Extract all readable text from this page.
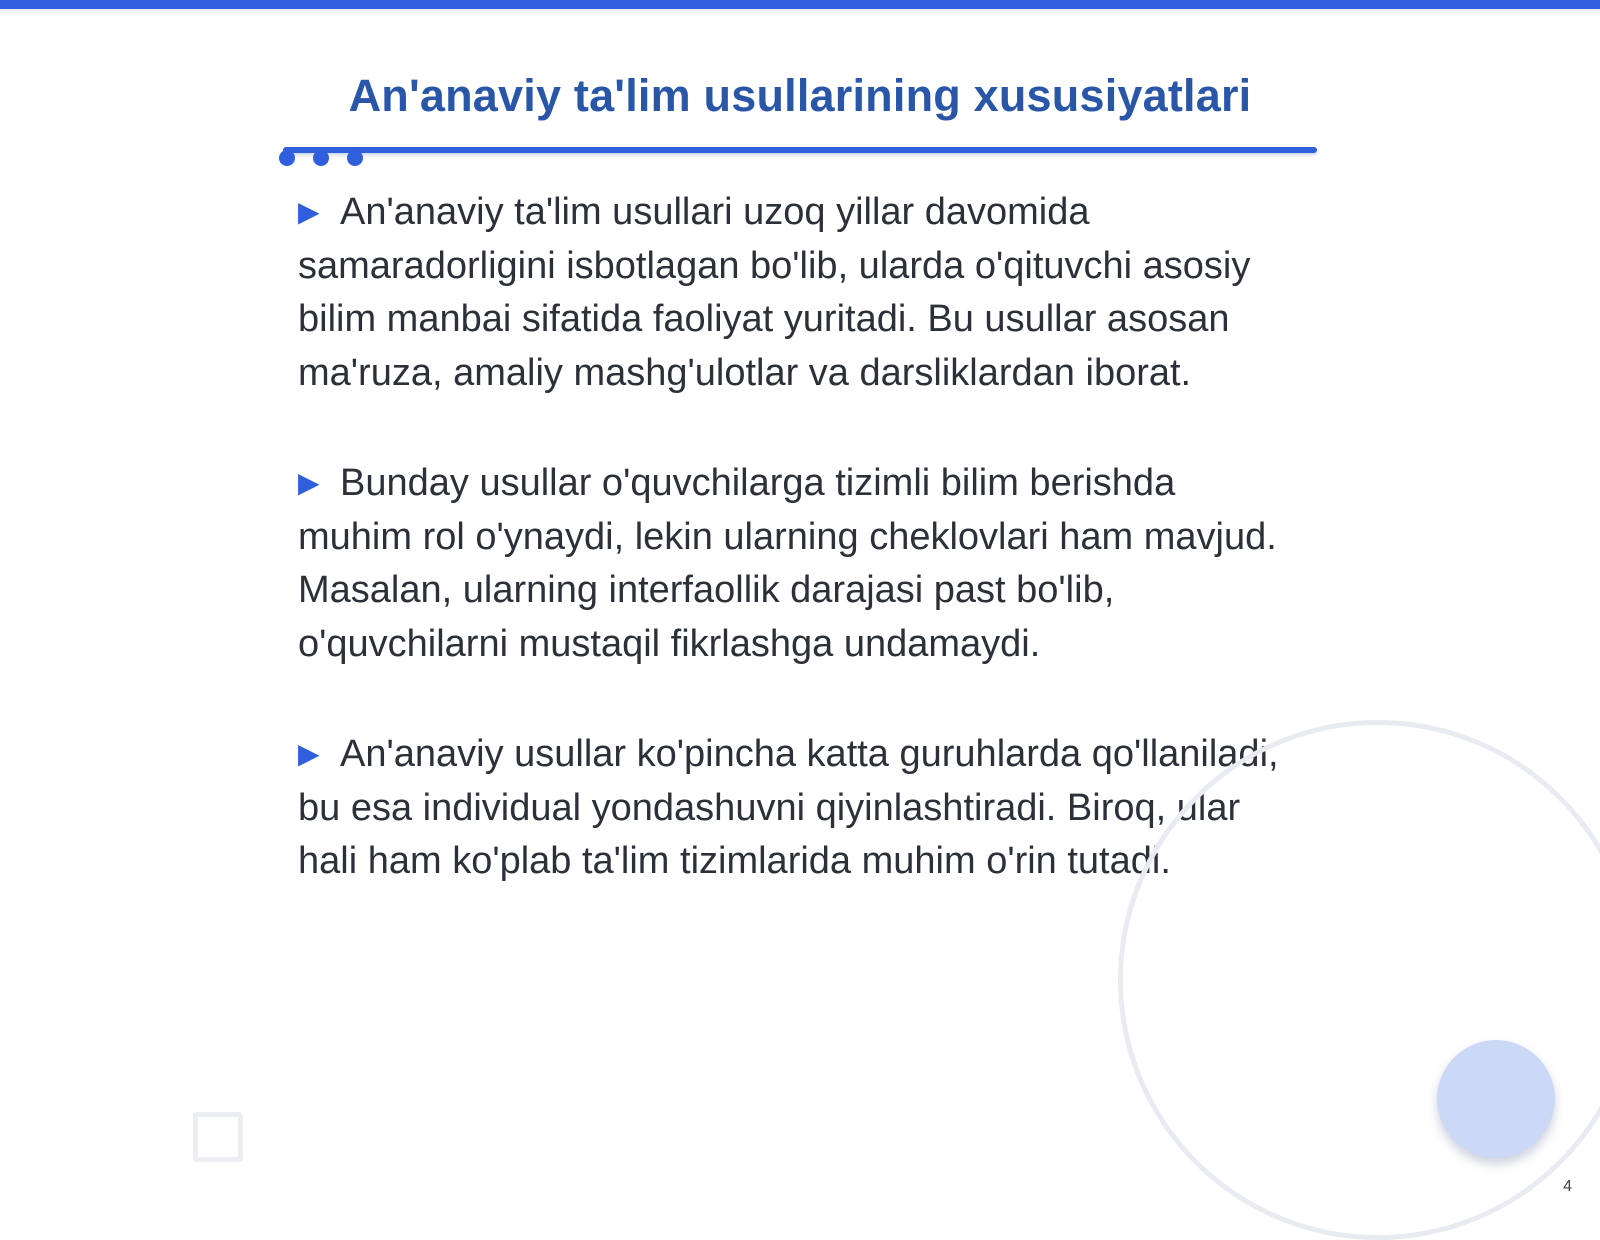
An'anaviy ta'lim usullarining xususiyatlari

▶ An'anaviy ta'lim usullari uzoq yillar davomida samaradorligini isbotlagan bo'lib, ularda o'qituvchi asosiy bilim manbai sifatida faoliyat yuritadi. Bu usullar asosan ma'ruza, amaliy mashg'ulotlar va darsliklardan iborat.

▶ Bunday usullar o'quvchilarga tizimli bilim berishda muhim rol o'ynaydi, lekin ularning cheklovlari ham mavjud. Masalan, ularning interfaollik darajasi past bo'lib, o'quvchilarni mustaqil fikrlashga undamaydi.

▶ An'anaviy usullar ko'pincha katta guruhlarda qo'llaniladi, bu esa individual yondashuvni qiyinlashtiradi. Biroq, ular hali ham ko'plab ta'lim tizimlarida muhim o'rin tutadi.

4
